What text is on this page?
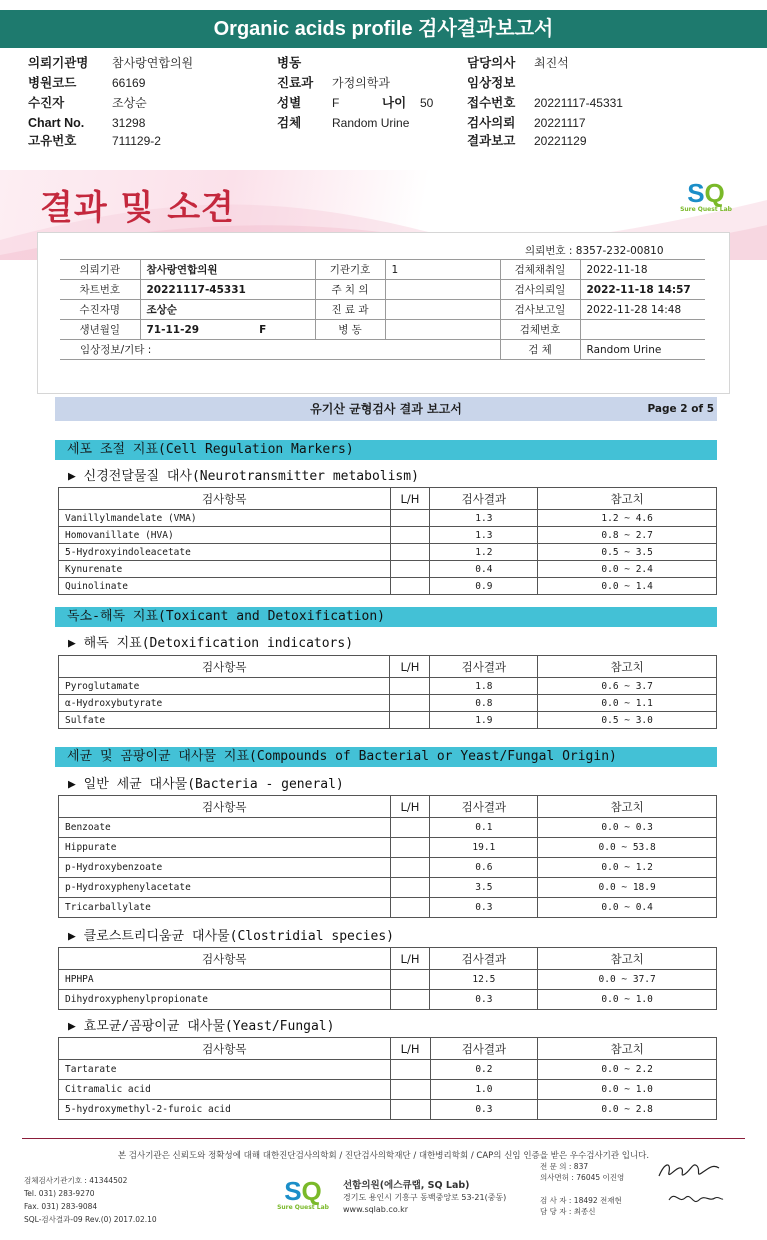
Organic acids profile 검사결과보고서
의뢰기관명 참사랑연합의원
병원코드	66169
수진자	조상순
Chart No. 31298
고유번호	711129-2
병동
진료과 가정의학과
성별	F	나이 50
검체	Random Urine
담당의사 최진석
임상정보
접수번호 20221117-45331
검사의뢰 20221117
결과보고 20221129
결과 및 소견	SQ
Sure Quest Lab
의뢰번호 : 8357-232-00810
의뢰기관	참사랑연합의원	기관기호	1	검체채취일	2022-11-18
차트번호	20221117-45331	주 치 의		검사의뢰일	2022-11-18 14:57
수진자명	조상순	진 료 과		검사보고일	2022-11-28 14:48
생년월일	71-11-29 F	병 동		검체번호	
임상정보/기타 :				검 체	Random Urine
유기산 균형검사 결과 보고서	Page 2 of 5
세포 조절 지표(Cell Regulation Markers)
▶ 신경전달물질 대사(Neurotransmitter metabolism)
검사항목	L/H	검사결과	참고치
Vanillylmandelate (VMA)		1.3	1.2 ~ 4.6
Homovanillate (HVA)		1.3	0.8 ~ 2.7
5-Hydroxyindoleacetate		1.2	0.5 ~ 3.5
Kynurenate		0.4	0.0 ~ 2.4
Quinolinate		0.9	0.0 ~ 1.4
독소-해독 지표(Toxicant and Detoxification)
▶ 해독 지표(Detoxification indicators)
검사항목	L/H	검사결과	참고치
Pyroglutamate		1.8	0.6 ~ 3.7
α-Hydroxybutyrate		0.8	0.0 ~ 1.1
Sulfate		1.9	0.5 ~ 3.0
세균 및 곰팡이균 대사물 지표(Compounds of Bacterial or Yeast/Fungal Origin)
▶ 일반 세균 대사물(Bacteria - general)
검사항목	L/H	검사결과	참고치
Benzoate		0.1	0.0 ~ 0.3
Hippurate		19.1	0.0 ~ 53.8
p-Hydroxybenzoate		0.6	0.0 ~ 1.2
p-Hydroxyphenylacetate		3.5	0.0 ~ 18.9
Tricarballylate		0.3	0.0 ~ 0.4
▶ 클로스트리디움균 대사물(Clostridial species)
검사항목	L/H	검사결과	참고치
HPHPA		12.5	0.0 ~ 37.7
Dihydroxyphenylpropionate		0.3	0.0 ~ 1.0
▶ 효모균/곰팡이균 대사물(Yeast/Fungal)
검사항목	L/H	검사결과	참고치
Tartarate		0.2	0.0 ~ 2.2
Citramalic acid		1.0	0.0 ~ 1.0
5-hydroxymethyl-2-furoic acid		0.3	0.0 ~ 2.8
본 검사기관은 신뢰도와 정확성에 대해 대한진단검사의학회 / 진단검사의학재단 / 대한병리학회 / CAP의 신임 인증을 받은 우수검사기관 입니다.
검체검사기관기호 : 41344502
Tel. 031) 283-9270
Fax. 031) 283-9084
SQL-검사결과-09 Rev.(0) 2017.02.10
SQ
Sure Quest Lab
선함의원(에스큐랩, SQ Lab)
경기도 용인시 기흥구 동백중앙로 53-21(중동)
www.sqlab.co.kr
전 문 의 : 837
의사면허 : 76045 이진영
검 사 자 : 18492 전재현
담 당 자 : 최종신
